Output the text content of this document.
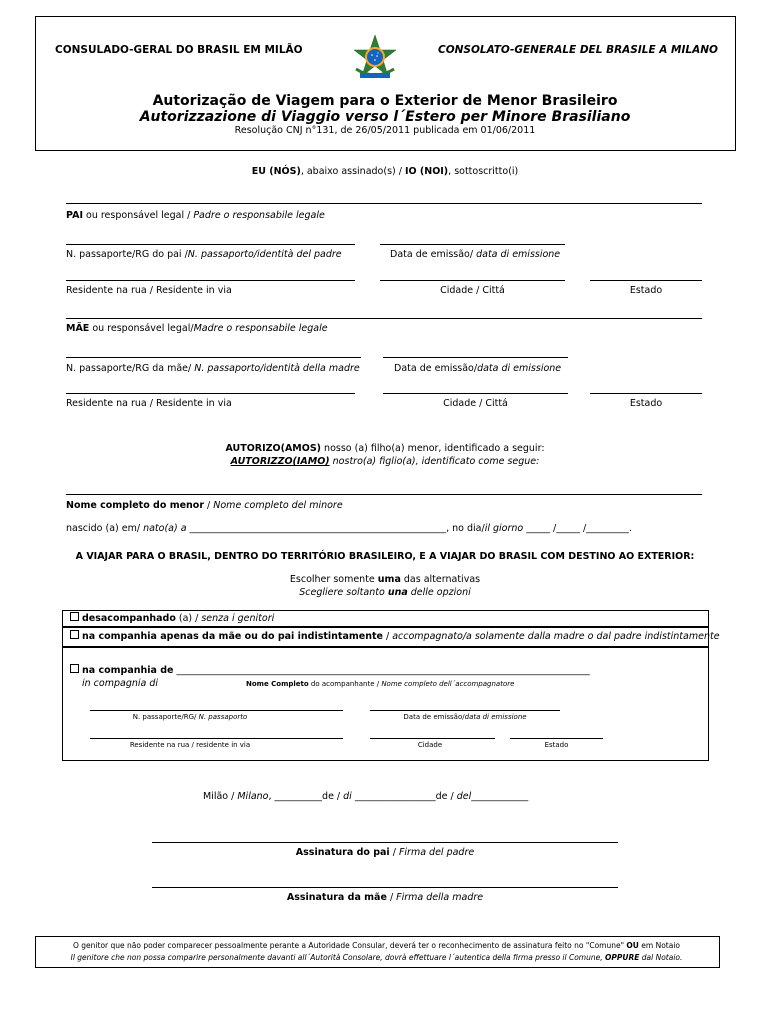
CONSULADO-GERAL DO BRASIL EM MILÃO	CONSOLATO-GENERALE DEL BRASILE A MILANO
Autorização de Viagem para o Exterior de Menor Brasileiro
Autorizzazione di Viaggio verso l´Estero per Minore Brasiliano
Resolução CNJ n°131, de 26/05/2011 publicada em 01/06/2011
EU (NÓS), abaixo assinado(s) / IO (NOI), sottoscritto(i)
PAI ou responsável legal / Padre o responsabile legale
N. passaporte/RG do pai /N. passaporto/identità del padre	Data de emissão/ data di emissione
Residente na rua / Residente in via	Cidade / Cittá	Estado
MÃE ou responsável legal/Madre o responsabile legale
N. passaporte/RG da mãe/ N. passaporto/identità della madre	Data de emissão/data di emissione
Residente na rua / Residente in via	Cidade / Cittá	Estado
AUTORIZO(AMOS) nosso (a) filho(a) menor, identificado a seguir:
AUTORIZZO(IAMO) nostro(a) figlio(a), identificato come segue:
Nome completo do menor / Nome completo del minore
nascido (a) em/ nato(a) a ______________________________________________________, no dia/il giorno _____ /_____ /_________.
A VIAJAR PARA O BRASIL, DENTRO DO TERRITÓRIO BRASILEIRO, E A VIAJAR DO BRASIL COM DESTINO AO EXTERIOR:
Escolher somente uma das alternativas
Scegliere soltanto una delle opzioni
desacompanhado (a) / senza i genitori
na companhia apenas da mãe ou do pai indistintamente / accompagnato/a solamente dalla madre o dal padre indistintamente
na companhia de _______________________________________________________________________________________
in compagnia di	Nome Completo do acompanhante / Nome completo dell´accompagnatore
N. passaporte/RG/ N. passaporto	Data de emissão/data di emissione
Residente na rua / residente in via	Cidade	Estado
Milão / Milano, __________de / di _________________de / del____________
Assinatura do pai / Firma del padre
Assinatura da mãe / Firma della madre
O genitor que não poder comparecer pessoalmente perante a Autoridade Consular, deverá ter o reconhecimento de assinatura feito no "Comune" OU em Notaio
Il genitore che non possa comparire personalmente davanti all´Autorità Consolare, dovrà effettuare l´autentica della firma presso il Comune, OPPURE dal Notaio.
